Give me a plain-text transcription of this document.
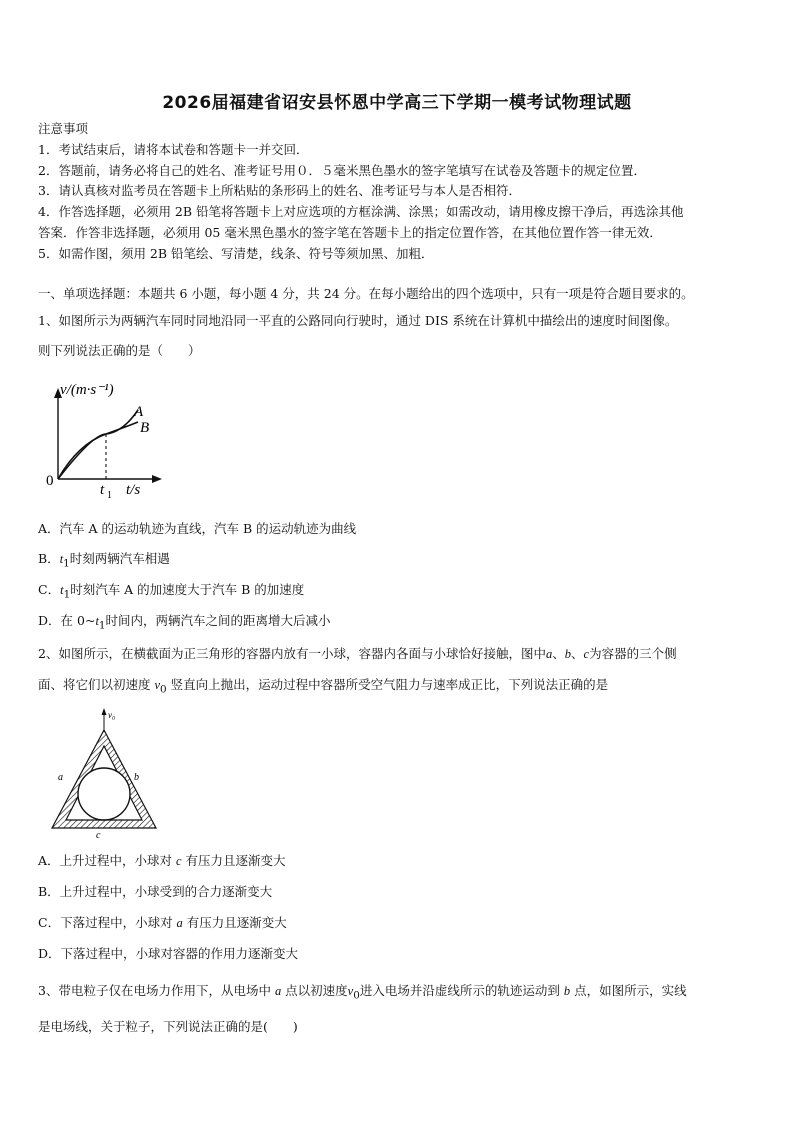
2026届福建省诏安县怀恩中学高三下学期一模考试物理试题
注意事项
1．考试结束后，请将本试卷和答题卡一并交回．
2．答题前，请务必将自己的姓名、准考证号用０．５毫米黑色墨水的签字笔填写在试卷及答题卡的规定位置．
3．请认真核对监考员在答题卡上所粘贴的条形码上的姓名、准考证号与本人是否相符．
4．作答选择题，必须用 2B 铅笔将答题卡上对应选项的方框涂满、涂黑；如需改动，请用橡皮擦干净后，再选涂其他
答案．作答非选择题，必须用 05 毫米黑色墨水的签字笔在答题卡上的指定位置作答，在其他位置作答一律无效．
5．如需作图，须用 2B 铅笔绘、写清楚，线条、符号等须加黑、加粗．
一、单项选择题：本题共 6 小题，每小题 4 分，共 24 分。在每小题给出的四个选项中，只有一项是符合题目要求的。
1、如图所示为两辆汽车同时同地沿同一平直的公路同向行驶时，通过 DIS 系统在计算机中描绘出的速度时间图像。
则下列说法正确的是（　　）
v/(m·s⁻¹)
0
t 1 t/s
A
B
A．汽车 A 的运动轨迹为直线，汽车 B 的运动轨迹为曲线
B．$t_1$时刻两辆汽车相遇
C．$t_1$时刻汽车 A 的加速度大于汽车 B 的加速度
D．在 $0\sim t_1$时间内，两辆汽车之间的距离增大后减小
2、如图所示，在横截面为正三角形的容器内放有一小球，容器内各面与小球恰好接触，图中a、b、c为容器的三个侧
面、将它们以初速度 $v_0$ 竖直向上抛出，运动过程中容器所受空气阻力与速率成正比，下列说法正确的是
v₀
a	b
c
A．上升过程中，小球对 c 有压力且逐渐变大
B．上升过程中，小球受到的合力逐渐变大
C．下落过程中，小球对 a 有压力且逐渐变大
D．下落过程中，小球对容器的作用力逐渐变大
3、带电粒子仅在电场力作用下，从电场中 a 点以初速度$v_0$进入电场并沿虚线所示的轨迹运动到 b 点，如图所示，实线
是电场线，关于粒子，下列说法正确的是(　　)
